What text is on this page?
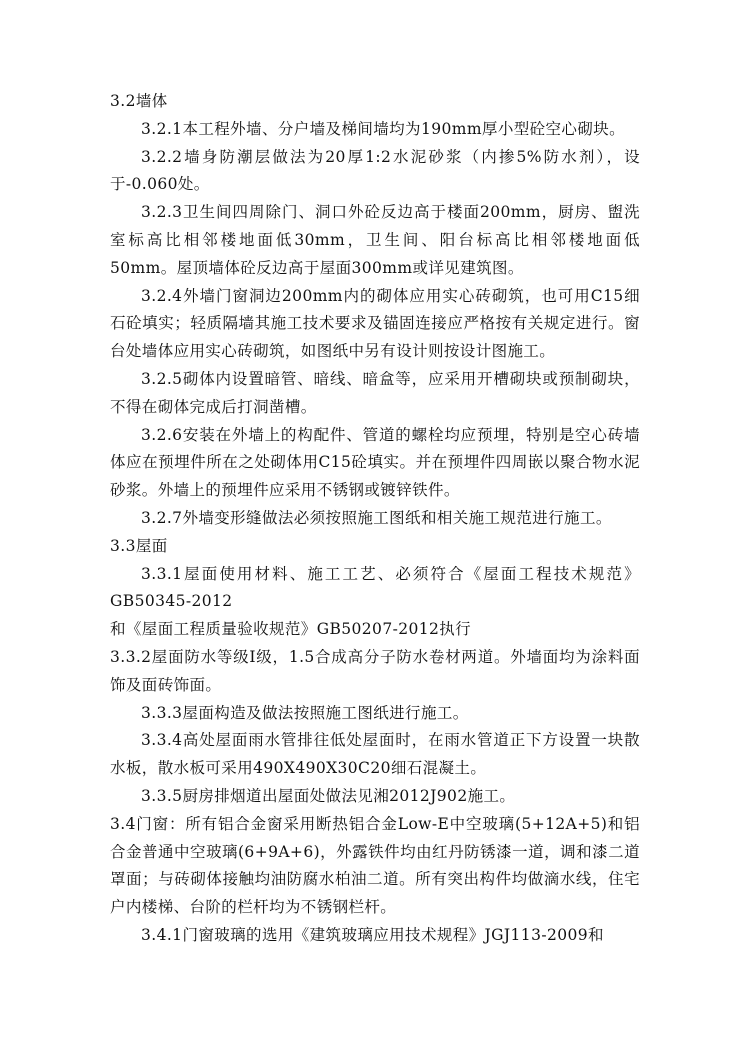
3.2墙体

3.2.1本工程外墙、分户墙及梯间墙均为190mm厚小型砼空心砌块。

3.2.2墙身防潮层做法为20厚1:2水泥砂浆（内掺5%防水剂），设于-0.060处。

3.2.3卫生间四周除门、洞口外砼反边高于楼面200mm，厨房、盥洗室标高比相邻楼地面低30mm，卫生间、阳台标高比相邻楼地面低50mm。屋顶墙体砼反边高于屋面300mm或详见建筑图。

3.2.4外墙门窗洞边200mm内的砌体应用实心砖砌筑，也可用C15细石砼填实；轻质隔墙其施工技术要求及锚固连接应严格按有关规定进行。窗台处墙体应用实心砖砌筑，如图纸中另有设计则按设计图施工。

3.2.5砌体内设置暗管、暗线、暗盒等，应采用开槽砌块或预制砌块，不得在砌体完成后打洞凿槽。

3.2.6安装在外墙上的构配件、管道的螺栓均应预埋，特别是空心砖墙体应在预埋件所在之处砌体用C15砼填实。并在预埋件四周嵌以聚合物水泥砂浆。外墙上的预埋件应采用不锈钢或镀锌铁件。

3.2.7外墙变形缝做法必须按照施工图纸和相关施工规范进行施工。

3.3屋面

3.3.1屋面使用材料、施工工艺、必须符合《屋面工程技术规范》GB50345-2012

和《屋面工程质量验收规范》GB50207-2012执行

3.3.2屋面防水等级I级，1.5合成高分子防水卷材两道。外墙面均为涂料面饰及面砖饰面。

3.3.3屋面构造及做法按照施工图纸进行施工。

3.3.4高处屋面雨水管排往低处屋面时，在雨水管道正下方设置一块散水板，散水板可采用490X490X30C20细石混凝土。

3.3.5厨房排烟道出屋面处做法见湘2012J902施工。

3.4门窗：所有铝合金窗采用断热铝合金Low-E中空玻璃(5+12A+5)和铝合金普通中空玻璃(6+9A+6)，外露铁件均由红丹防锈漆一道，调和漆二道罩面；与砖砌体接触均油防腐水柏油二道。所有突出构件均做滴水线，住宅户内楼梯、台阶的栏杆均为不锈钢栏杆。

3.4.1门窗玻璃的选用《建筑玻璃应用技术规程》JGJ113-2009和
